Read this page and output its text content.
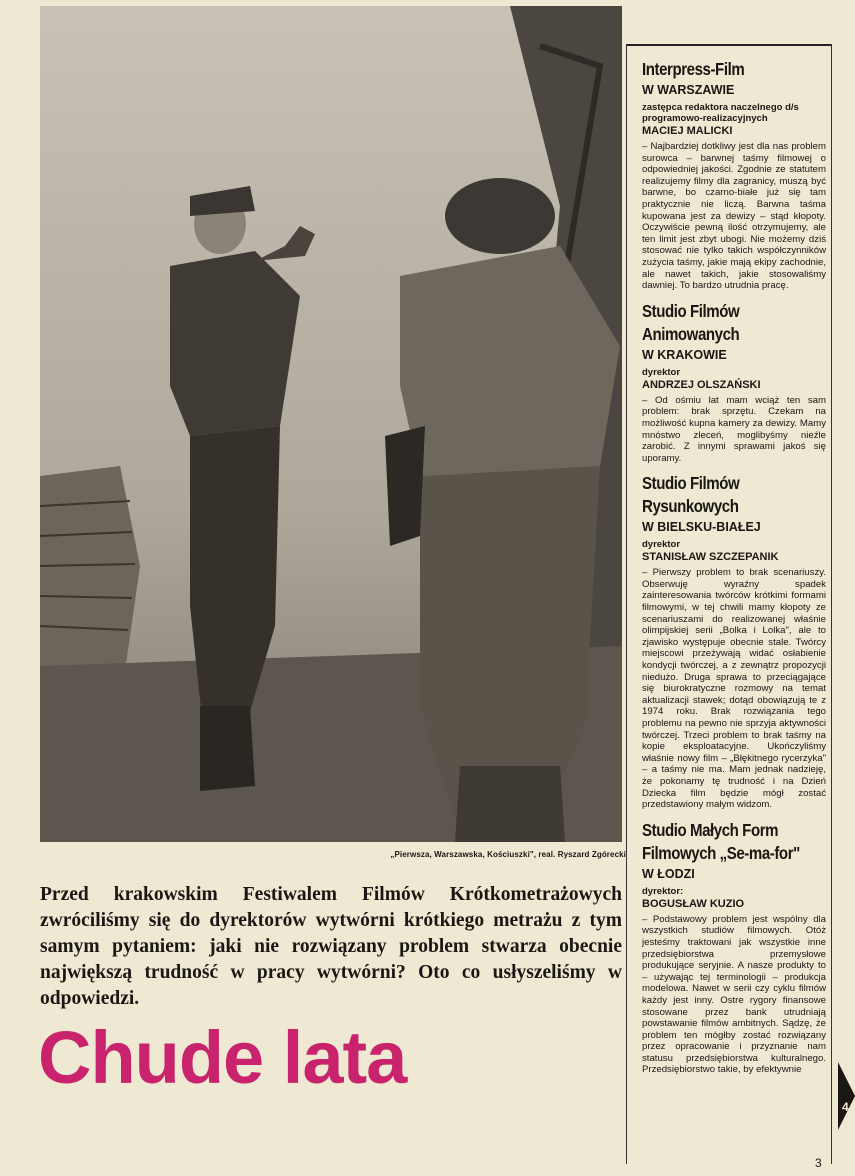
„Pierwsza, Warszawska, Kościuszki", real. Ryszard Zgórecki
Przed krakowskim Festiwalem Filmów Krótkometrażowych zwróciliśmy się do dyrektorów wytwórni krótkiego metrażu z tym samym pytaniem: jaki nie rozwiązany problem stwarza obecnie największą trudność w pracy wytwórni? Oto co usłyszeliśmy w odpowiedzi.
Chude lata
Interpress-Film
W WARSZAWIE
zastępca redaktora naczelnego d/s programowo-realizacyjnych
MACIEJ MALICKI
– Najbardziej dotkliwy jest dla nas problem surowca – barwnej taśmy filmowej o odpowiedniej jakości. Zgodnie ze statutem realizujemy filmy dla zagranicy, muszą być barwne, bo czarno-białe już się tam praktycznie nie liczą. Barwna taśma kupowana jest za dewizy – stąd kłopoty. Oczywiście pewną ilość otrzymujemy, ale ten limit jest zbyt ubogi. Nie możemy dziś stosować nie tylko takich współczynników zużycia taśmy, jakie mają ekipy zachodnie, ale nawet takich, jakie stosowaliśmy dawniej. To bardzo utrudnia pracę.
Studio Filmów
Animowanych
W KRAKOWIE
dyrektor
ANDRZEJ OLSZAŃSKI
– Od ośmiu lat mam wciąż ten sam problem: brak sprzętu. Czekam na możliwość kupna kamery za dewizy. Mamy mnóstwo zleceń, moglibyśmy nieźle zarobić. Z innymi sprawami jakoś się uporamy.
Studio Filmów
Rysunkowych
W BIELSKU-BIAŁEJ
dyrektor
STANISŁAW SZCZEPANIK
– Pierwszy problem to brak scenariuszy. Obserwuję wyraźny spadek zainteresowania twórców krótkimi formami filmowymi, w tej chwili mamy kłopoty ze scenariuszami do realizowanej właśnie olimpijskiej serii „Bolka i Lolka", ale to zjawisko występuje obecnie stale. Twórcy miejscowi przeżywają widać osłabienie kondycji twórczej, a z zewnątrz propozycji niedużo. Druga sprawa to przeciągające się biurokratyczne rozmowy na temat aktualizacji stawek; dotąd obowiązują te z 1974 roku. Brak rozwiązania tego problemu na pewno nie sprzyja aktywności twórczej. Trzeci problem to brak taśmy na kopie eksploatacyjne. Ukończyliśmy właśnie nowy film – „Błękitnego rycerzyka" – a taśmy nie ma. Mam jednak nadzieję, że pokonamy tę trudność i na Dzień Dziecka film będzie mógł zostać przedstawiony małym widzom.
Studio Małych Form
Filmowych „Se-ma-for"
W ŁODZI
dyrektor:
BOGUSŁAW KUZIO
– Podstawowy problem jest wspólny dla wszystkich studiów filmowych. Otóż jesteśmy traktowani jak wszystkie inne przedsiębiorstwa przemysłowe produkujące seryjnie. A nasze produkty to – używając tej terminologii – produkcja modelowa. Nawet w serii czy cyklu filmów każdy jest inny. Ostre rygory finansowe stosowane przez bank utrudniają powstawanie filmów ambitnych. Sądzę, że problem ten mógłby zostać rozwiązany przez opracowanie i przyznanie nam statusu przedsiębiorstwa kulturalnego. Przedsiębiorstwo takie, by efektywnie
4
3
